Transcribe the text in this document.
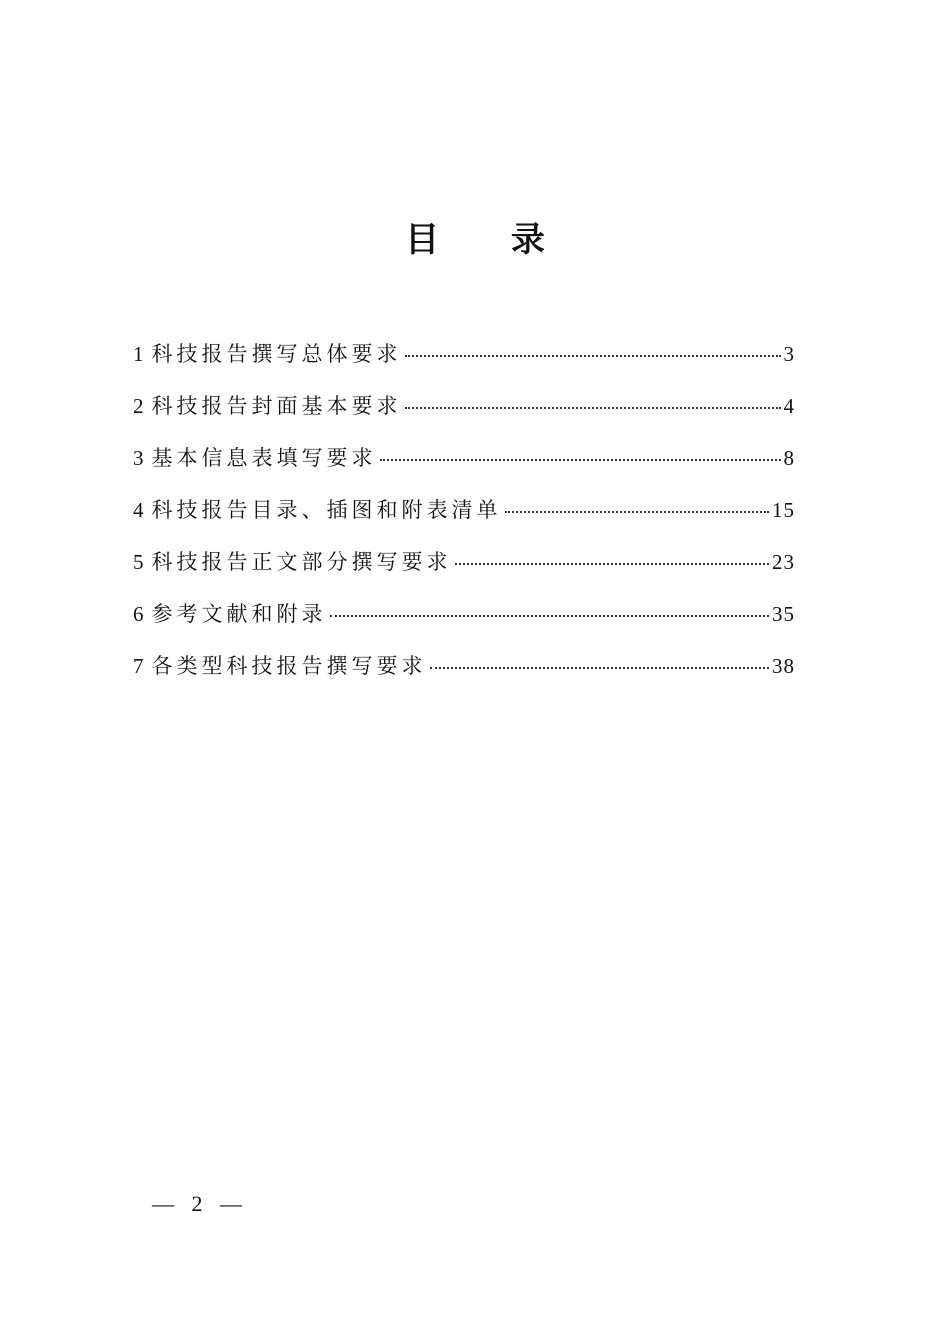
目 录
1 科技报告撰写总体要求	3
2 科技报告封面基本要求	4
3 基本信息表填写要求	8
4 科技报告目录、插图和附表清单	15
5 科技报告正文部分撰写要求	23
6 参考文献和附录	35
7 各类型科技报告撰写要求	38
— 2 —
